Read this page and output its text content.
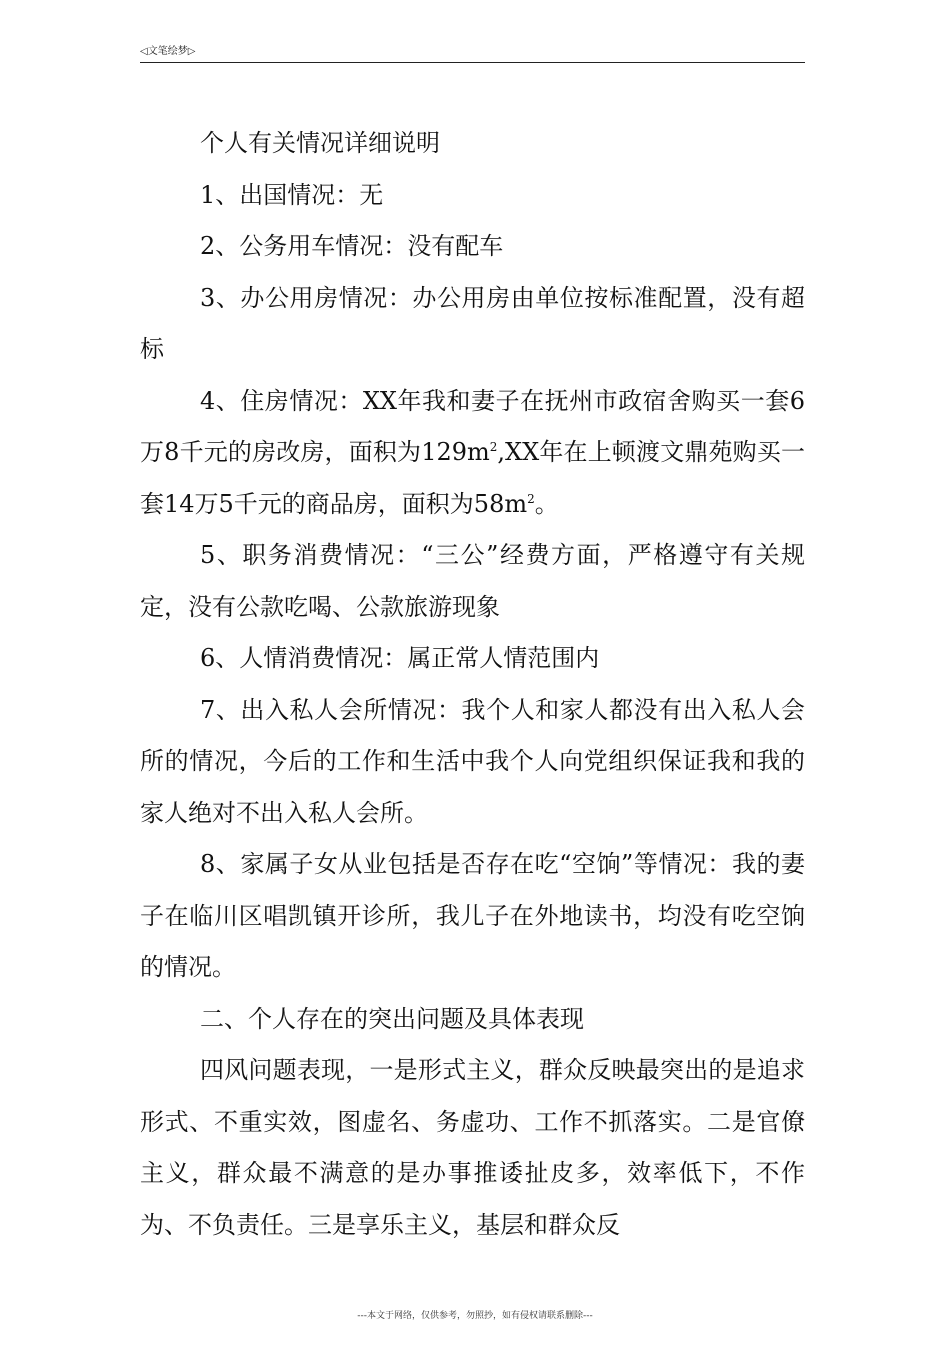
◁文笔绘梦▷

个人有关情况详细说明

1、出国情况：无

2、公务用车情况：没有配车

3、办公用房情况：办公用房由单位按标准配置，没有超标

4、住房情况：XX年我和妻子在抚州市政宿舍购买一套6万8千元的房改房，面积为$129m^2,XX$年在上顿渡文鼎苑购买一套14万5千元的商品房，面积为$58m^2$。

5、职务消费情况：“三公”经费方面，严格遵守有关规定，没有公款吃喝、公款旅游现象

6、人情消费情况：属正常人情范围内

7、出入私人会所情况：我个人和家人都没有出入私人会所的情况，今后的工作和生活中我个人向党组织保证我和我的家人绝对不出入私人会所。

8、家属子女从业包括是否存在吃“空饷”等情况：我的妻子在临川区唱凯镇开诊所，我儿子在外地读书，均没有吃空饷的情况。

二、个人存在的突出问题及具体表现

四风问题表现，一是形式主义，群众反映最突出的是追求形式、不重实效，图虚名、务虚功、工作不抓落实。二是官僚主义，群众最不满意的是办事推诿扯皮多，效率低下，不作为、不负责任。三是享乐主义，基层和群众反

---本文于网络，仅供参考，勿照抄，如有侵权请联系删除---
